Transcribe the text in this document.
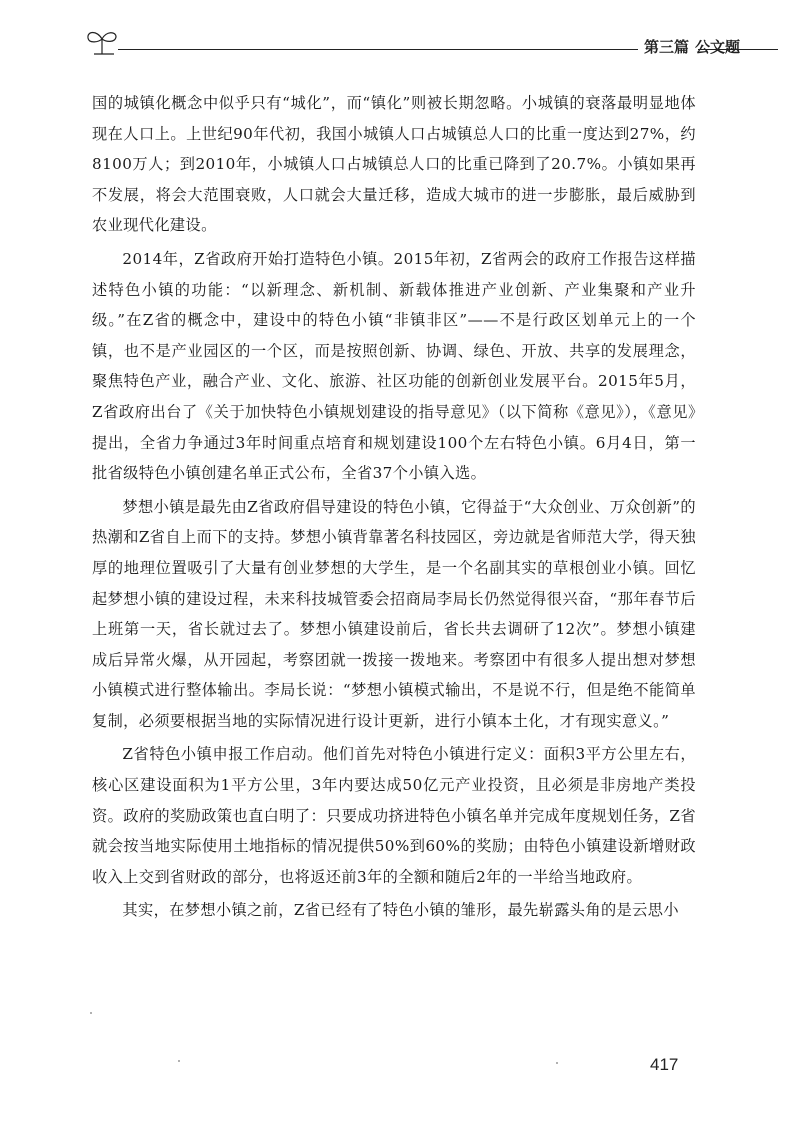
第三篇 公文题

国的城镇化概念中似乎只有“城化”，而“镇化”则被长期忽略。小城镇的衰落最明显地体现在人口上。上世纪90年代初，我国小城镇人口占城镇总人口的比重一度达到27%，约8100万人；到2010年，小城镇人口占城镇总人口的比重已降到了20.7%。小镇如果再不发展，将会大范围衰败，人口就会大量迁移，造成大城市的进一步膨胀，最后威胁到农业现代化建设。

2014年，Z省政府开始打造特色小镇。2015年初，Z省两会的政府工作报告这样描述特色小镇的功能：“以新理念、新机制、新载体推进产业创新、产业集聚和产业升级。”在Z省的概念中，建设中的特色小镇“非镇非区”——不是行政区划单元上的一个镇，也不是产业园区的一个区，而是按照创新、协调、绿色、开放、共享的发展理念，聚焦特色产业，融合产业、文化、旅游、社区功能的创新创业发展平台。2015年5月，Z省政府出台了《关于加快特色小镇规划建设的指导意见》（以下简称《意见》），《意见》提出，全省力争通过3年时间重点培育和规划建设100个左右特色小镇。6月4日，第一批省级特色小镇创建名单正式公布，全省37个小镇入选。

梦想小镇是最先由Z省政府倡导建设的特色小镇，它得益于“大众创业、万众创新”的热潮和Z省自上而下的支持。梦想小镇背靠著名科技园区，旁边就是省师范大学，得天独厚的地理位置吸引了大量有创业梦想的大学生，是一个名副其实的草根创业小镇。回忆起梦想小镇的建设过程，未来科技城管委会招商局李局长仍然觉得很兴奋，“那年春节后上班第一天，省长就过去了。梦想小镇建设前后，省长共去调研了12次”。梦想小镇建成后异常火爆，从开园起，考察团就一拨接一拨地来。考察团中有很多人提出想对梦想小镇模式进行整体输出。李局长说：“梦想小镇模式输出，不是说不行，但是绝不能简单复制，必须要根据当地的实际情况进行设计更新，进行小镇本土化，才有现实意义。”

Z省特色小镇申报工作启动。他们首先对特色小镇进行定义：面积3平方公里左右，核心区建设面积为1平方公里，3年内要达成50亿元产业投资，且必须是非房地产类投资。政府的奖励政策也直白明了：只要成功挤进特色小镇名单并完成年度规划任务，Z省就会按当地实际使用土地指标的情况提供50%到60%的奖励；由特色小镇建设新增财政收入上交到省财政的部分，也将返还前3年的全额和随后2年的一半给当地政府。

其实，在梦想小镇之前，Z省已经有了特色小镇的雏形，最先崭露头角的是云思小

417
